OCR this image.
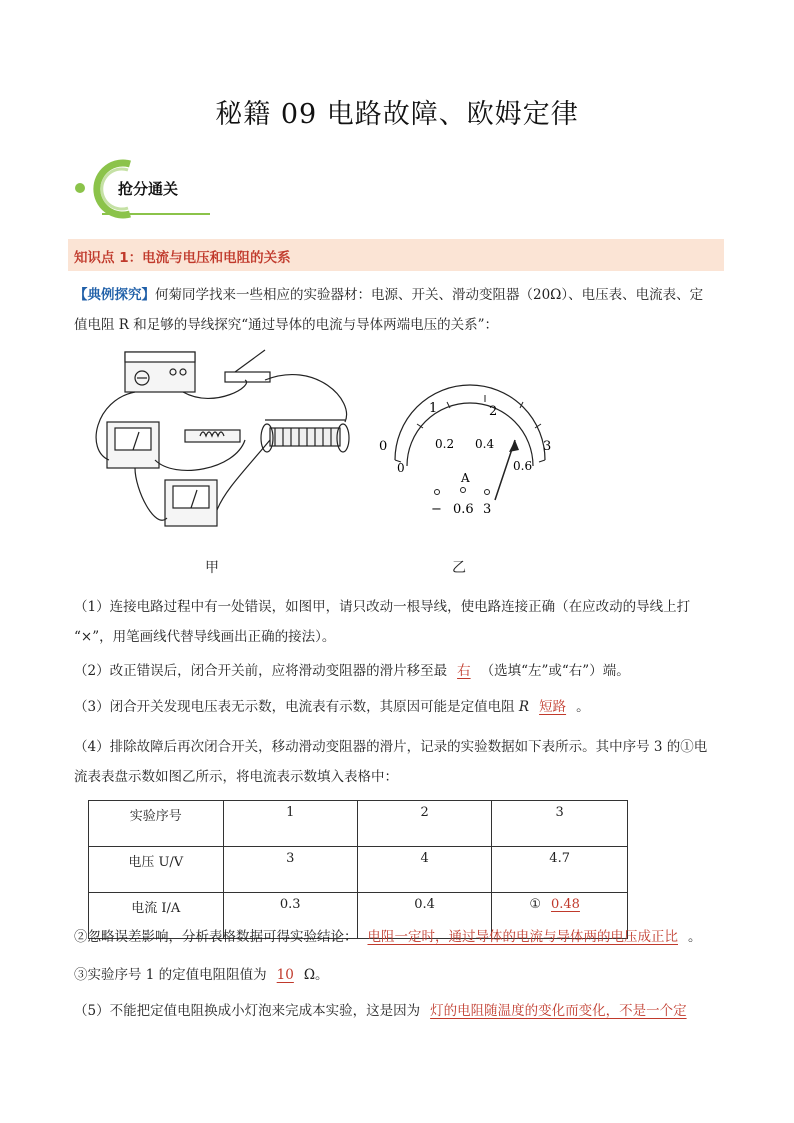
秘籍 09 电路故障、欧姆定律
抢分通关
知识点 1：电流与电压和电阻的关系
【典例探究】何菊同学找来一些相应的实验器材：电源、开关、滑动变阻器（20Ω）、电压表、电流表、定
值电阻 R 和足够的导线探究“通过导体的电流与导体两端电压的关系”：
0
1	2
3
0
0.2 0.4
0.6
A
− 0.6 3
甲	乙
（1）连接电路过程中有一处错误，如图甲，请只改动一根导线，使电路连接正确（在应改动的导线上打
“×”，用笔画线代替导线画出正确的接法）。
（2）改正错误后，闭合开关前，应将滑动变阻器的滑片移至最 右 （选填“左”或“右”）端。
（3）闭合开关发现电压表无示数，电流表有示数，其原因可能是定值电阻 R 短路 。
（4）排除故障后再次闭合开关，移动滑动变阻器的滑片，记录的实验数据如下表所示。其中序号 3 的①电
流表表盘示数如图乙所示，将电流表示数填入表格中：
实验序号	1	2	3
电压 U/V	3	4	4.7
电流 I/A	0.3	0.4	① 0.48
②忽略误差影响，分析表格数据可得实验结论： 电阻一定时，通过导体的电流与导体两的电压成正比 。
③实验序号 1 的定值电阻阻值为 10 Ω。
（5）不能把定值电阻换成小灯泡来完成本实验，这是因为 灯的电阻随温度的变化而变化，不是一个定
